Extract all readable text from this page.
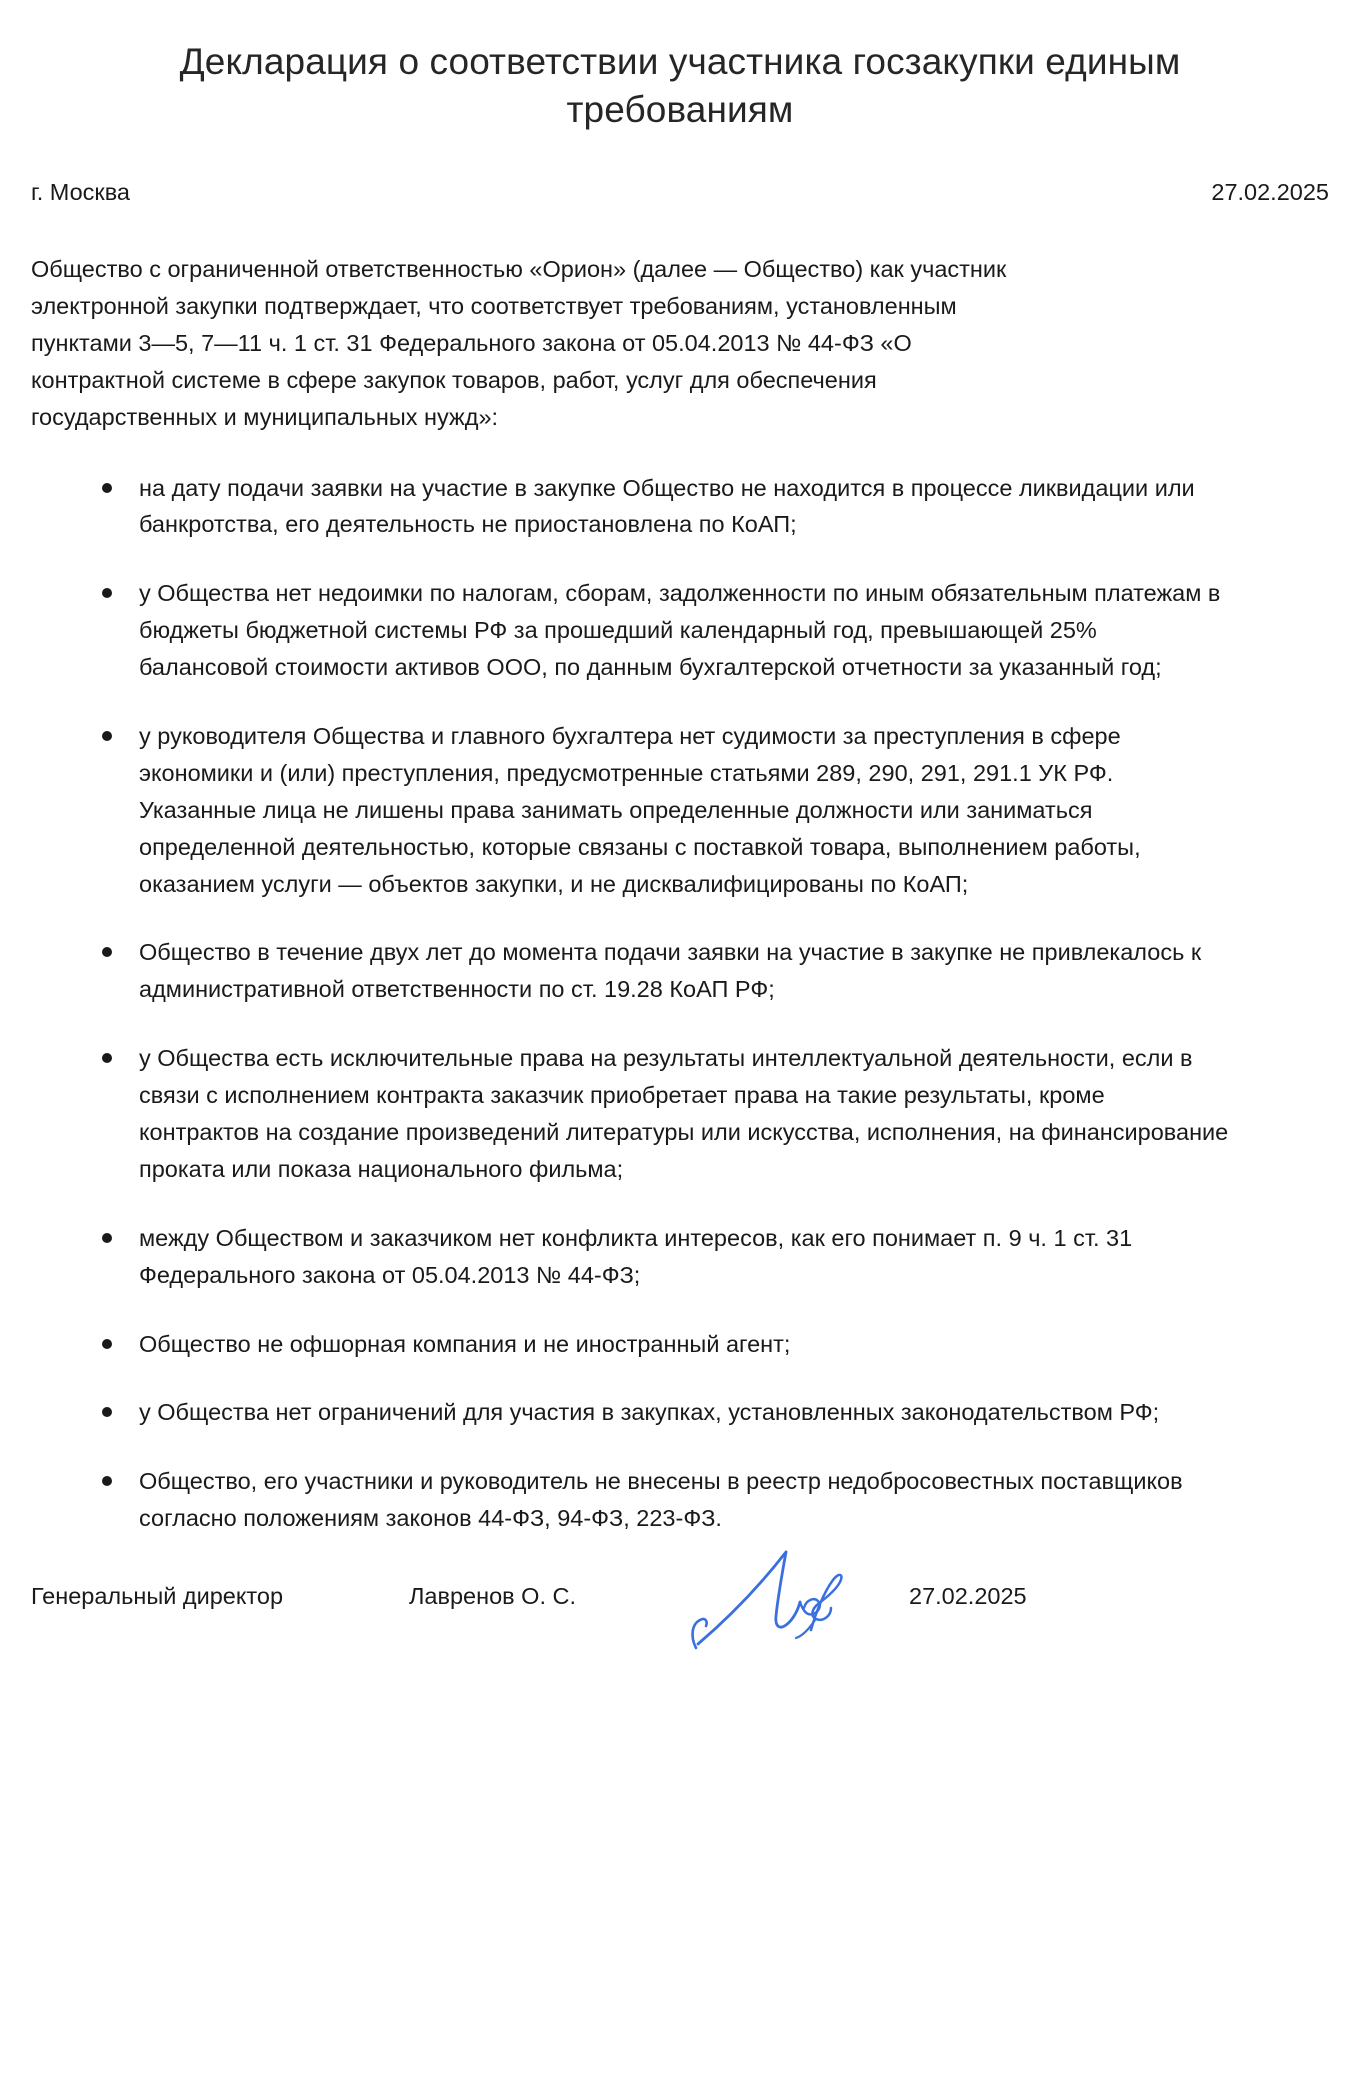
Декларация о соответствии участника госзакупки единым требованиям
г. Москва	27.02.2025

Общество с ограниченной ответственностью «Орион» (далее — Общество) как участник электронной закупки подтверждает, что соответствует требованиям, установленным пунктами 3—5, 7—11 ч. 1 ст. 31 Федерального закона от 05.04.2013 № 44-ФЗ «О контрактной системе в сфере закупок товаров, работ, услуг для обеспечения государственных и муниципальных нужд»:

на дату подачи заявки на участие в закупке Общество не находится в процессе ликвидации или банкротства, его деятельность не приостановлена по КоАП;
у Общества нет недоимки по налогам, сборам, задолженности по иным обязательным платежам в бюджеты бюджетной системы РФ за прошедший календарный год, превышающей 25% балансовой стоимости активов ООО, по данным бухгалтерской отчетности за указанный год;
у руководителя Общества и главного бухгалтера нет судимости за преступления в сфере экономики и (или) преступления, предусмотренные статьями 289, 290, 291, 291.1 УК РФ. Указанные лица не лишены права занимать определенные должности или заниматься определенной деятельностью, которые связаны с поставкой товара, выполнением работы, оказанием услуги — объектов закупки, и не дисквалифицированы по КоАП;
Общество в течение двух лет до момента подачи заявки на участие в закупке не привлекалось к административной ответственности по ст. 19.28 КоАП РФ;
у Общества есть исключительные права на результаты интеллектуальной деятельности, если в связи с исполнением контракта заказчик приобретает права на такие результаты, кроме контрактов на создание произведений литературы или искусства, исполнения, на финансирование проката или показа национального фильма;
между Обществом и заказчиком нет конфликта интересов, как его понимает п. 9 ч. 1 ст. 31 Федерального закона от 05.04.2013 № 44-ФЗ;
Общество не офшорная компания и не иностранный агент;
у Общества нет ограничений для участия в закупках, установленных законодательством РФ;
Общество, его участники и руководитель не внесены в реестр недобросовестных поставщиков согласно положениям законов 44-ФЗ, 94-ФЗ, 223-ФЗ.
Генеральный директор	Лавренов О. С.	27.02.2025
